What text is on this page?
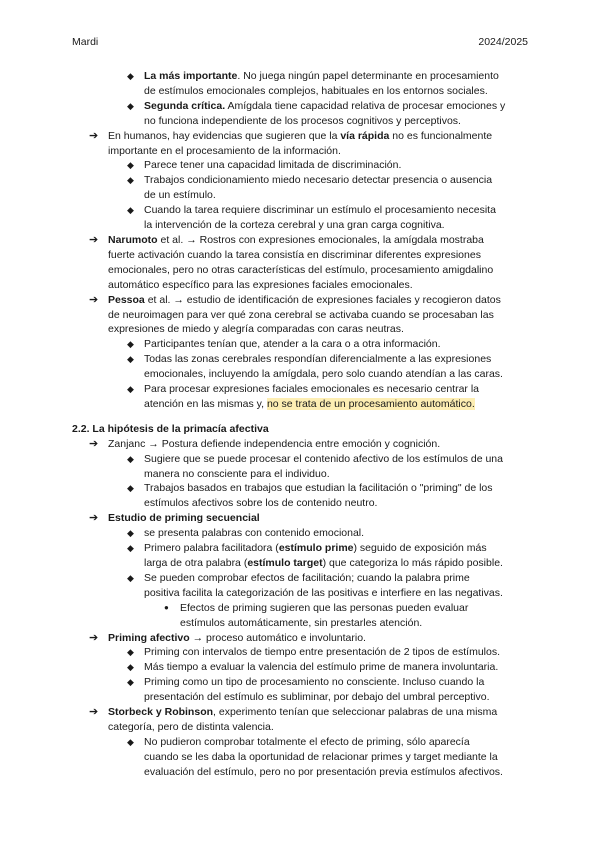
Mardi	2024/2025
◆ La más importante. No juega ningún papel determinante en procesamiento
de estímulos emocionales complejos, habituales en los entornos sociales.
◆ Segunda crítica. Amígdala tiene capacidad relativa de procesar emociones y
no funciona independiente de los procesos cognitivos y perceptivos.
➔ En humanos, hay evidencias que sugieren que la vía rápida no es funcionalmente
importante en el procesamiento de la información.
◆ Parece tener una capacidad limitada de discriminación.
◆ Trabajos condicionamiento miedo necesario detectar presencia o ausencia
de un estímulo.
◆ Cuando la tarea requiere discriminar un estímulo el procesamiento necesita
la intervención de la corteza cerebral y una gran carga cognitiva.
➔ Narumoto et al. → Rostros con expresiones emocionales, la amígdala mostraba
fuerte activación cuando la tarea consistía en discriminar diferentes expresiones
emocionales, pero no otras características del estímulo, procesamiento amigdalino
automático específico para las expresiones faciales emocionales.
➔ Pessoa et al. → estudio de identificación de expresiones faciales y recogieron datos
de neuroimagen para ver qué zona cerebral se activaba cuando se procesaban las
expresiones de miedo y alegría comparadas con caras neutras.
◆ Participantes tenían que, atender a la cara o a otra información.
◆ Todas las zonas cerebrales respondían diferencialmente a las expresiones
emocionales, incluyendo la amígdala, pero solo cuando atendían a las caras.
◆ Para procesar expresiones faciales emocionales es necesario centrar la
atención en las mismas y, no se trata de un procesamiento automático.
2.2. La hipótesis de la primacía afectiva
➔ Zanjanc → Postura defiende independencia entre emoción y cognición.
◆ Sugiere que se puede procesar el contenido afectivo de los estímulos de una
manera no consciente para el individuo.
◆ Trabajos basados en trabajos que estudian la facilitación o "priming" de los
estímulos afectivos sobre los de contenido neutro.
➔ Estudio de priming secuencial
◆ se presenta palabras con contenido emocional.
◆ Primero palabra facilitadora (estímulo prime) seguido de exposición más
larga de otra palabra (estímulo target) que categoriza lo más rápido posible.
◆ Se pueden comprobar efectos de facilitación; cuando la palabra prime
positiva facilita la categorización de las positivas e interfiere en las negativas.
● Efectos de priming sugieren que las personas pueden evaluar
estímulos automáticamente, sin prestarles atención.
➔ Priming afectivo → proceso automático e involuntario.
◆ Priming con intervalos de tiempo entre presentación de 2 tipos de estímulos.
◆ Más tiempo a evaluar la valencia del estímulo prime de manera involuntaria.
◆ Priming como un tipo de procesamiento no consciente. Incluso cuando la
presentación del estímulo es subliminar, por debajo del umbral perceptivo.
➔ Storbeck y Robinson, experimento tenían que seleccionar palabras de una misma
categoría, pero de distinta valencia.
◆ No pudieron comprobar totalmente el efecto de priming, sólo aparecía
cuando se les daba la oportunidad de relacionar primes y target mediante la
evaluación del estímulo, pero no por presentación previa estímulos afectivos.
